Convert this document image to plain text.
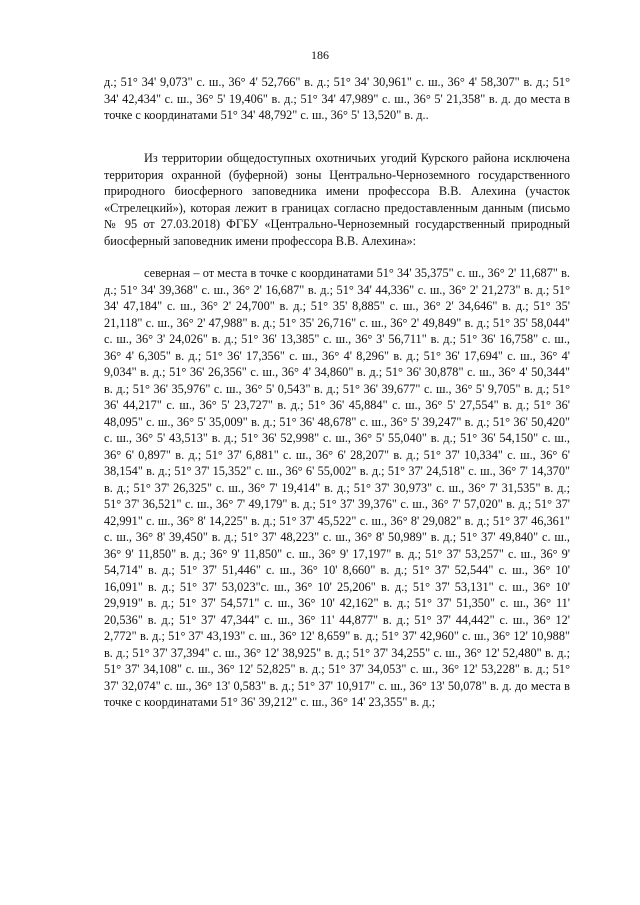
186

д.; 51° 34' 9,073" с. ш., 36° 4' 52,766" в. д.; 51° 34' 30,961" с. ш., 36° 4' 58,307" в. д.; 51° 34' 42,434" с. ш., 36° 5' 19,406" в. д.; 51° 34' 47,989" с. ш., 36° 5' 21,358" в. д. до места в точке с координатами 51° 34' 48,792" с. ш., 36° 5' 13,520" в. д..

Из территории общедоступных охотничьих угодий Курского района исключена территория охранной (буферной) зоны Центрально-Черноземного государственного природного биосферного заповедника имени профессора В.В. Алехина (участок «Стрелецкий»), которая лежит в границах согласно предоставленным данным (письмо № 95 от 27.03.2018) ФГБУ «Центрально-Черноземный государственный природный биосферный заповедник имени профессора В.В. Алехина»:

северная – от места в точке с координатами 51° 34' 35,375" с. ш., 36° 2' 11,687" в. д.; 51° 34' 39,368" с. ш., 36° 2' 16,687" в. д.; 51° 34' 44,336" с. ш., 36° 2' 21,273" в. д.; 51° 34' 47,184" с. ш., 36° 2' 24,700" в. д.; 51° 35' 8,885" с. ш., 36° 2' 34,646" в. д.; 51° 35' 21,118" с. ш., 36° 2' 47,988" в. д.; 51° 35' 26,716" с. ш., 36° 2' 49,849" в. д.; 51° 35' 58,044" с. ш., 36° 3' 24,026" в. д.; 51° 36' 13,385" с. ш., 36° 3' 56,711" в. д.; 51° 36' 16,758" с. ш., 36° 4' 6,305" в. д.; 51° 36' 17,356" с. ш., 36° 4' 8,296" в. д.; 51° 36' 17,694" с. ш., 36° 4' 9,034" в. д.; 51° 36' 26,356" с. ш., 36° 4' 34,860" в. д.; 51° 36' 30,878" с. ш., 36° 4' 50,344" в. д.; 51° 36' 35,976" с. ш., 36° 5' 0,543" в. д.; 51° 36' 39,677" с. ш., 36° 5' 9,705" в. д.; 51° 36' 44,217" с. ш., 36° 5' 23,727" в. д.; 51° 36' 45,884" с. ш., 36° 5' 27,554" в. д.; 51° 36' 48,095" с. ш., 36° 5' 35,009" в. д.; 51° 36' 48,678" с. ш., 36° 5' 39,247" в. д.; 51° 36' 50,420" с. ш., 36° 5' 43,513" в. д.; 51° 36' 52,998" с. ш., 36° 5' 55,040" в. д.; 51° 36' 54,150" с. ш., 36° 6' 0,897" в. д.; 51° 37' 6,881" с. ш., 36° 6' 28,207" в. д.; 51° 37' 10,334" с. ш., 36° 6' 38,154" в. д.; 51° 37' 15,352" с. ш., 36° 6' 55,002" в. д.; 51° 37' 24,518" с. ш., 36° 7' 14,370" в. д.; 51° 37' 26,325" с. ш., 36° 7' 19,414" в. д.; 51° 37' 30,973" с. ш., 36° 7' 31,535" в. д.; 51° 37' 36,521" с. ш., 36° 7' 49,179" в. д.; 51° 37' 39,376" с. ш., 36° 7' 57,020" в. д.; 51° 37' 42,991" с. ш., 36° 8' 14,225" в. д.; 51° 37' 45,522" с. ш., 36° 8' 29,082" в. д.; 51° 37' 46,361" с. ш., 36° 8' 39,450" в. д.; 51° 37' 48,223" с. ш., 36° 8' 50,989" в. д.; 51° 37' 49,840" с. ш., 36° 9' 11,850" в. д.; 36° 9' 11,850" с. ш., 36° 9' 17,197" в. д.; 51° 37' 53,257" с. ш., 36° 9' 54,714" в. д.; 51° 37' 51,446" с. ш., 36° 10' 8,660" в. д.; 51° 37' 52,544" с. ш., 36° 10' 16,091" в. д.; 51° 37' 53,023"с. ш., 36° 10' 25,206" в. д.; 51° 37' 53,131" с. ш., 36° 10' 29,919" в. д.; 51° 37' 54,571" с. ш., 36° 10' 42,162" в. д.; 51° 37' 51,350" с. ш., 36° 11' 20,536" в. д.; 51° 37' 47,344" с. ш., 36° 11' 44,877" в. д.; 51° 37' 44,442" с. ш., 36° 12' 2,772" в. д.; 51° 37' 43,193" с. ш., 36° 12' 8,659" в. д.; 51° 37' 42,960" с. ш., 36° 12' 10,988" в. д.; 51° 37' 37,394" с. ш., 36° 12' 38,925" в. д.; 51° 37' 34,255" с. ш., 36° 12' 52,480" в. д.; 51° 37' 34,108" с. ш., 36° 12' 52,825" в. д.; 51° 37' 34,053" с. ш., 36° 12' 53,228" в. д.; 51° 37' 32,074" с. ш., 36° 13' 0,583" в. д.; 51° 37' 10,917" с. ш., 36° 13' 50,078" в. д. до места в точке с координатами 51° 36' 39,212" с. ш., 36° 14' 23,355" в. д.;
